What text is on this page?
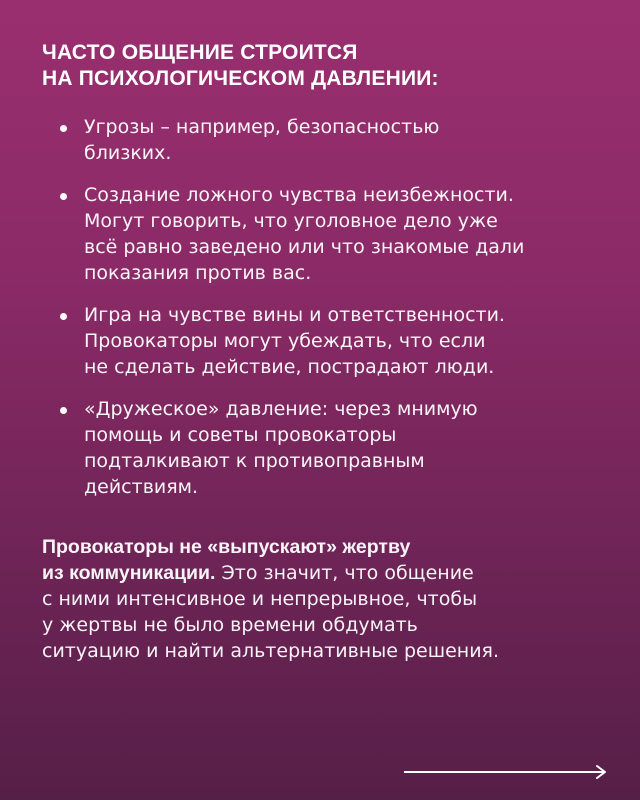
ЧАСТО ОБЩЕНИЕ СТРОИТСЯ
НА ПСИХОЛОГИЧЕСКОМ ДАВЛЕНИИ:
Угрозы – например, безопасностью
близких.
Создание ложного чувства неизбежности.
Могут говорить, что уголовное дело уже
всё равно заведено или что знакомые дали
показания против вас.
Игра на чувстве вины и ответственности.
Провокаторы могут убеждать, что если
не сделать действие, пострадают люди.
«Дружеское» давление: через мнимую
помощь и советы провокаторы
подталкивают к противоправным
действиям.

Провокаторы не «выпускают» жертву
из коммуникации. Это значит, что общение
с ними интенсивное и непрерывное, чтобы
у жертвы не было времени обдумать
ситуацию и найти альтернативные решения.
